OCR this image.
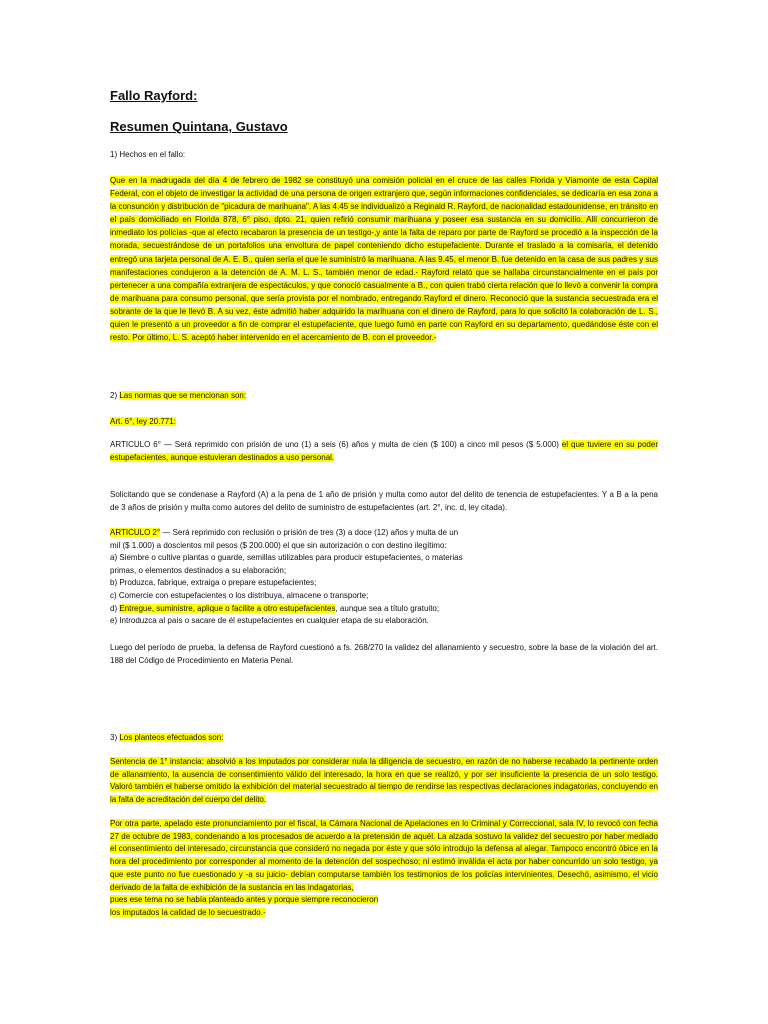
Fallo Rayford:
Resumen Quintana, Gustavo
1) Hechos en el fallo:
Que en la madrugada del día 4 de febrero de 1982 se constituyó una comisión policial en el cruce de las calles Florida y Viamonte de esta Capital Federal, con el objeto de investigar la actividad de una persona de origen extranjero que, según informaciones confidenciales, se dedicaría en esa zona a la consunción y distribución de "picadura de marihuana". A las 4.45 se individualizó a Reginald R. Rayford, de nacionalidad estadounidense, en tránsito en el país domiciliado en Florida 878, 6° piso, dpto. 21, quien refirió consumir marihuana y poseer esa sustancia en su domicilio. Allí concurrieron de inmediato los policías -que al efecto recabaron la presencia de un testigo-,y ante la falta de reparo por parte de Rayford se procedió a la inspección de la morada, secuestrándose de un portafolios una envoltura de papel conteniendo dicho estupefaciente. Durante el traslado a la comisaría, el detenido entregó una tarjeta personal de A. E. B., quien sería el que le suministró la marihuana. A las 9.45, el menor B. fue detenido en la casa de sus padres y sus manifestaciones condujeron a la detención de A. M. L. S., también menor de edad.- Rayford relató que se hallaba circunstancialmente en el país por pertenecer a una compañía extranjera de espectáculos, y que conoció casualmente a B., con quien trabó cierta relación que lo llevó a convenir la compra de marihuana para consumo personal, que sería provista por el nombrado, entregando Rayford el dinero. Reconoció que la sustancia secuestrada era el sobrante de la que le llevó B. A su vez, éste admitió haber adquirido la marihuana con el dinero de Rayford, para lo que solicitó la colaboración de L. S., quien le presentó a un proveedor a fin de comprar el estupefaciente, que luego fumó en parte con Rayford en su departamento, quedándose éste con el resto. Por último, L. S. aceptó haber intervenido en el acercamiento de B. con el proveedor.-
2) Las normas que se mencionan son:
Art. 6°, ley 20.771:
ARTICULO 6° — Será reprimido con prisión de uno (1) a seis (6) años y multa de cien ($ 100) a cinco mil pesos ($ 5.000) el que tuviere en su poder estupefacientes, aunque estuvieran destinados a uso personal.
Solicitando que se condenase a Rayford (A) a la pena de 1 año de prisión y multa como autor del delito de tenencia de estupefacientes. Y a B a la pena de 3 años de prisión y multa como autores del delito de suministro de estupefacientes (art. 2°, inc. d, ley citada).
ARTICULO 2° — Será reprimido con reclusión o prisión de tres (3) a doce (12) años y multa de un
mil ($ 1.000) a doscientos mil pesos ($ 200.000) el que sin autorización o con destino ilegítimo:
a) Siembre o cultive plantas o guarde, semillas utilizables para producir estupefacientes, o materias
primas, o elementos destinados a su elaboración;
b) Produzca, fabrique, extraiga o prepare estupefacientes;
c) Comercie con estupefacientes o los distribuya, almacene o transporte;
d) Entregue, suministre, aplique o facilite a otro estupefacientes, aunque sea a título gratuito;
e) Introduzca al país o sacare de él estupefacientes en cualquier etapa de su elaboración.
Luego del período de prueba, la defensa de Rayford cuestionó a fs. 268/270 la validez del allanamiento y secuestro, sobre la base de la violación del art. 188 del Código de Procedimiento en Materia Penal.
3) Los planteos efectuados son:
Sentencia de 1° instancia: absolvió a los imputados por considerar nula la diligencia de secuestro, en razón de no haberse recabado la pertinente orden de allanamiento, la ausencia de consentimiento válido del interesado, la hora en que se realizó, y por ser insuficiente la presencia de un solo testigo. Valoró también el haberse omitido la exhibición del material secuestrado al tiempo de rendirse las respectivas declaraciones indagatorias, concluyendo en la falta de acreditación del cuerpo del delito.
Por otra parte, apelado este pronunciamiento por el fiscal, la Cámara Nacional de Apelaciones en lo Criminal y Correccional, sala IV, lo revocó con fecha 27 de octubre de 1983, condenando a los procesados de acuerdo a la pretensión de aquél. La alzada sostuvo la validez del secuestro por haber mediado el consentimiento del interesado, circunstancia que consideró no negada por éste y que sólo introdujo la defensa al alegar. Tampoco encontró óbice en la hora del procedimiento por corresponder al momento de la detención del sospechoso; ni estimó inválida el acta por haber concurrido un solo testigo, ya que este punto no fue cuestionado y -a su juicio- debían computarse también los testimonios de los policías intervinientes. Desechó, asimismo, el vicio derivado de la falta de exhibición de la sustancia en las indagatorias,
pues ese tema no se había planteado antes y porque siempre reconocieron
los imputados la calidad de lo secuestrado.-
